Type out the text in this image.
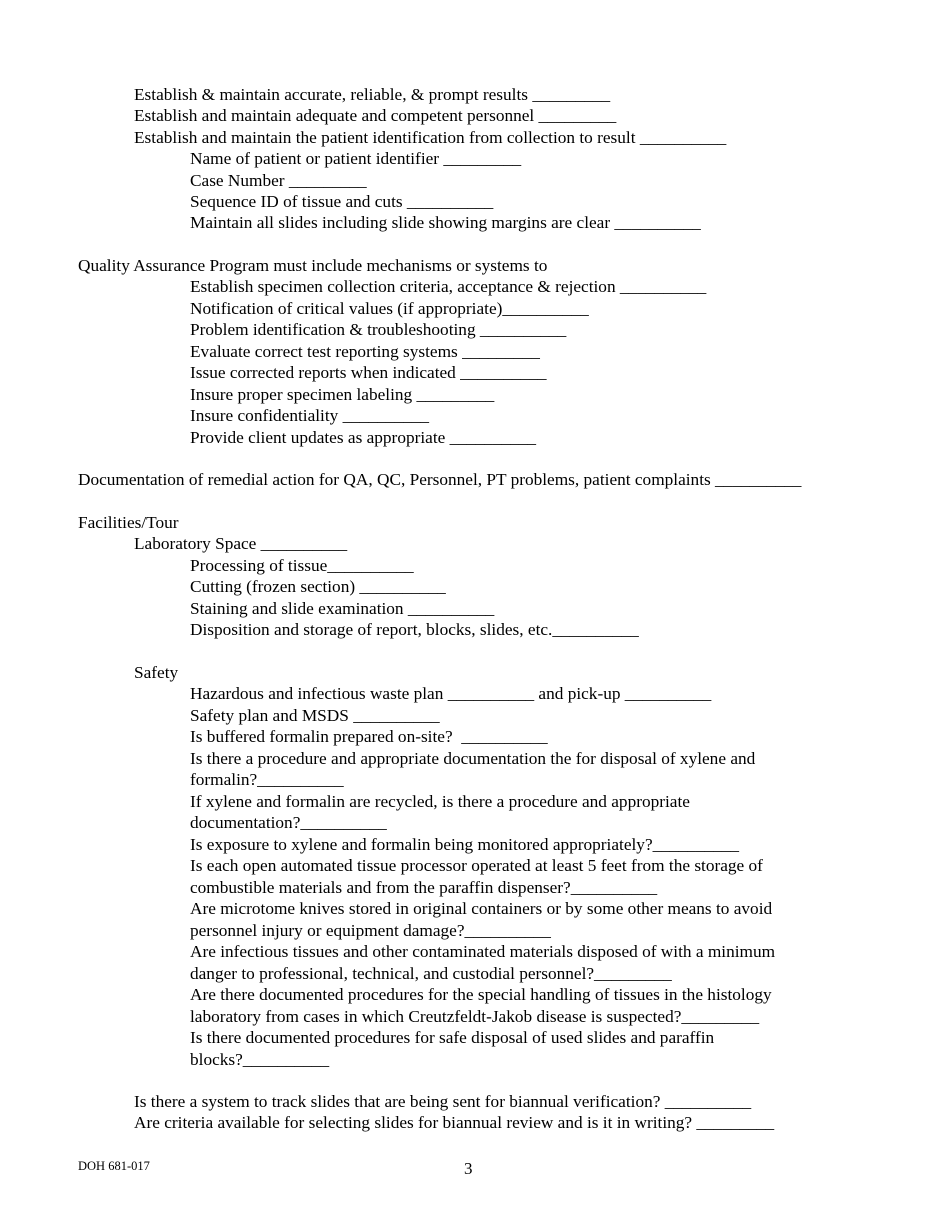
Establish & maintain accurate, reliable, & prompt results _________
Establish and maintain adequate and competent personnel _________
Establish and maintain the patient identification from collection to result __________
Name of patient or patient identifier _________
Case Number _________
Sequence ID of tissue and cuts __________
Maintain all slides including slide showing margins are clear __________
Quality Assurance Program must include mechanisms or systems to
Establish specimen collection criteria, acceptance & rejection __________
Notification of critical values (if appropriate)__________
Problem identification & troubleshooting __________
Evaluate correct test reporting systems _________
Issue corrected reports when indicated __________
Insure proper specimen labeling _________
Insure confidentiality __________
Provide client updates as appropriate __________
Documentation of remedial action for QA, QC, Personnel, PT problems, patient complaints __________
Facilities/Tour
Laboratory Space __________
Processing of tissue__________
Cutting (frozen section) __________
Staining and slide examination __________
Disposition and storage of report, blocks, slides, etc.__________
Safety
Hazardous and infectious waste plan __________ and pick-up __________
Safety plan and MSDS __________
Is buffered formalin prepared on-site?  __________
Is there a procedure and appropriate documentation the for disposal of xylene and
formalin?__________
If xylene and formalin are recycled, is there a procedure and appropriate
documentation?__________
Is exposure to xylene and formalin being monitored appropriately?__________
Is each open automated tissue processor operated at least 5 feet from the storage of
combustible materials and from the paraffin dispenser?__________
Are microtome knives stored in original containers or by some other means to avoid
personnel injury or equipment damage?__________
Are infectious tissues and other contaminated materials disposed of with a minimum
danger to professional, technical, and custodial personnel?_________
Are there documented procedures for the special handling of tissues in the histology
laboratory from cases in which Creutzfeldt-Jakob disease is suspected?_________
Is there documented procedures for safe disposal of used slides and paraffin
blocks?__________
Is there a system to track slides that are being sent for biannual verification? __________
Are criteria available for selecting slides for biannual review and is it in writing? _________
DOH 681-017	3
